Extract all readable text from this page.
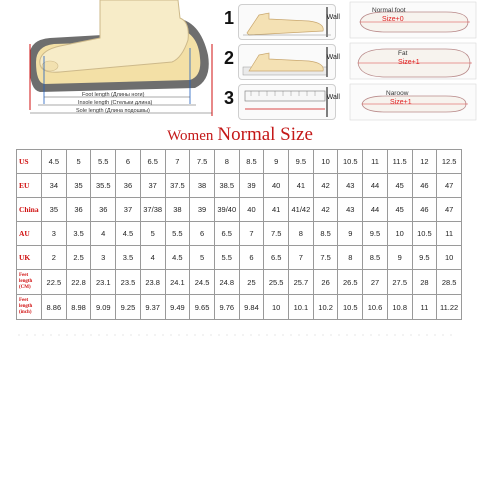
Foot length (Длины ноги)
Insole length (Стельки длина)
Sole length (Длина подошвы)
1	Wall
2	Wall
3	Wall
Normal foot
Size+0
Fat
Size+1
Naroow
Size+1
Women Normal Size
US	4.5	5	5.5	6	6.5	7	7.5	8	8.5	9	9.5	10	10.5	11	11.5	12	12.5
EU	34	35	35.5	36	37	37.5	38	38.5	39	40	41	42	43	44	45	46	47
China	35	36	36	37	37/38	38	39	39/40	40	41	41/42	42	43	44	45	46	47
AU	3	3.5	4	4.5	5	5.5	6	6.5	7	7.5	8	8.5	9	9.5	10	10.5	11
UK	2	2.5	3	3.5	4	4.5	5	5.5	6	6.5	7	7.5	8	8.5	9	9.5	10
Feet length (CM)	22.5	22.8	23.1	23.5	23.8	24.1	24.5	24.8	25	25.5	25.7	26	26.5	27	27.5	28	28.5
Feet length (inch)	8.86	8.98	9.09	9.25	9.37	9.49	9.65	9.76	9.84	10	10.1	10.2	10.5	10.6	10.8	11	11.22
